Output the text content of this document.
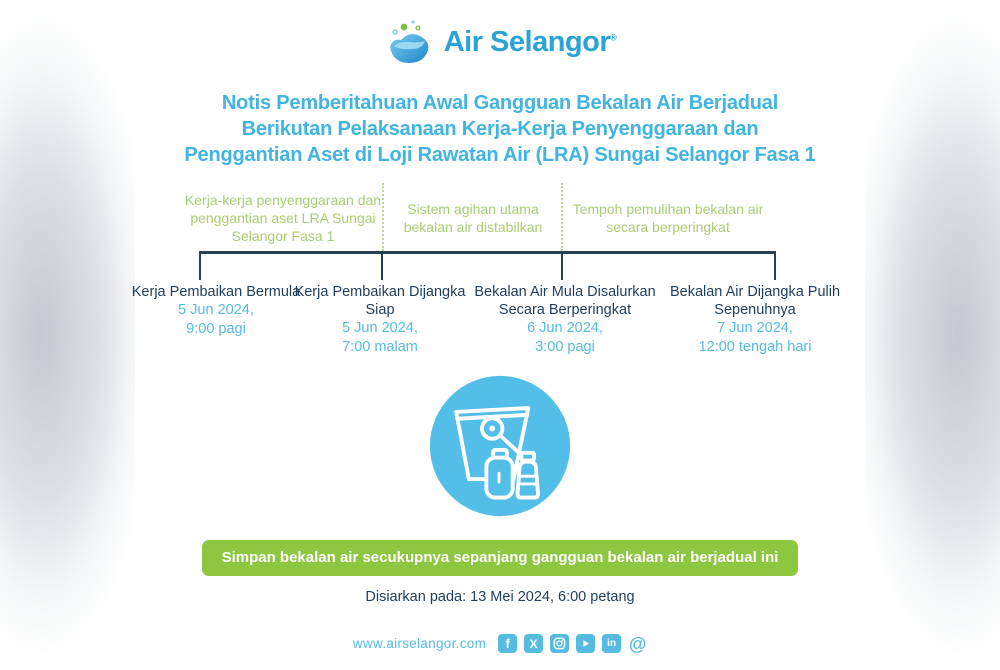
Air Selangor®
Notis Pemberitahuan Awal Gangguan Bekalan Air Berjadual
Berikutan Pelaksanaan Kerja-Kerja Penyenggaraan dan
Penggantian Aset di Loji Rawatan Air (LRA) Sungai Selangor Fasa 1
Kerja-kerja penyenggaraan dan penggantian aset LRA Sungai Selangor Fasa 1
Sistem agihan utama bekalan air distabilkan
Tempoh pemulihan bekalan air secara berperingkat
Kerja Pembaikan Bermula
5 Jun 2024,
9:00 pagi
Kerja Pembaikan Dijangka Siap
5 Jun 2024,
7:00 malam
Bekalan Air Mula Disalurkan Secara Berperingkat
6 Jun 2024,
3:00 pagi
Bekalan Air Dijangka Pulih Sepenuhnya
7 Jun 2024,
12:00 tengah hari
Simpan bekalan air secukupnya sepanjang gangguan bekalan air berjadual ini
Disiarkan pada: 13 Mei 2024, 6:00 petang
www.airselangor.com	f	X	in @
